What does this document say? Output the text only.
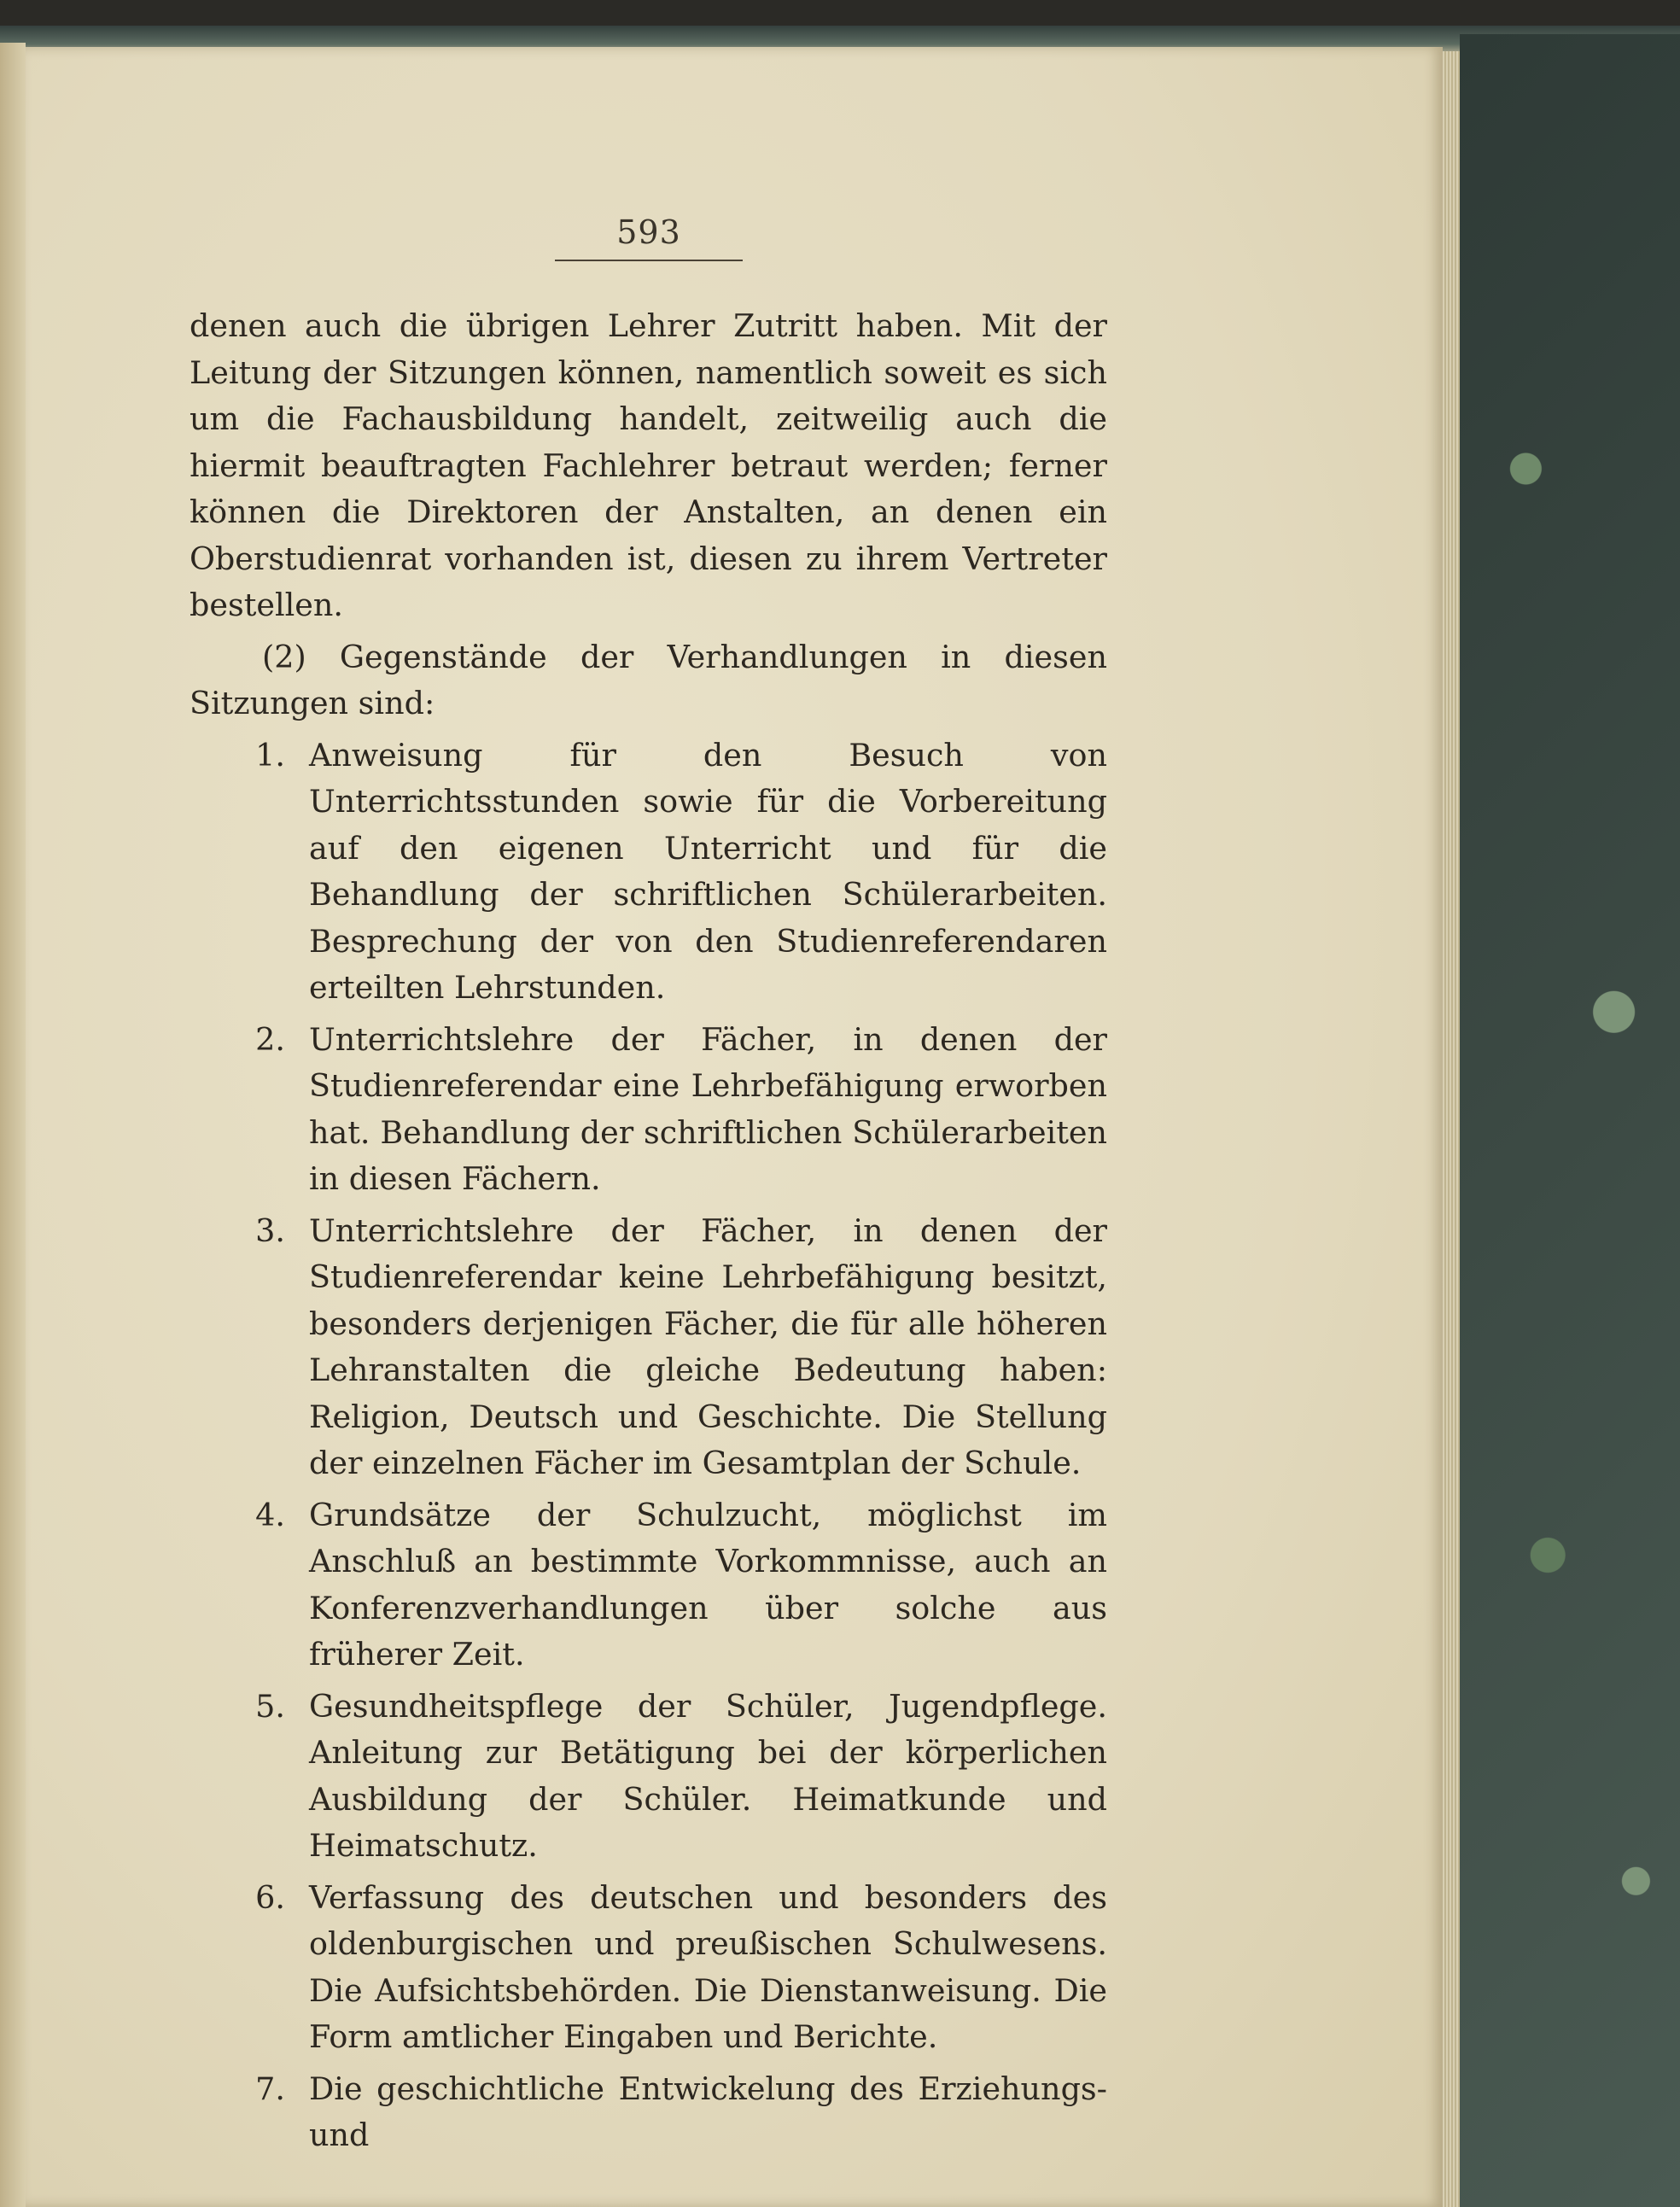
593

denen auch die übrigen Lehrer Zutritt haben. Mit der Leitung der Sitzungen können, namentlich soweit es sich um die Fachausbildung handelt, zeitweilig auch die hiermit beauftragten Fachlehrer betraut werden; ferner können die Direktoren der Anstalten, an denen ein Oberstudienrat vorhanden ist, diesen zu ihrem Vertreter bestellen.

(2) Gegenstände der Verhandlungen in diesen Sitzungen sind:

1. Anweisung für den Besuch von Unterrichtsstunden sowie für die Vorbereitung auf den eigenen Unterricht und für die Behandlung der schriftlichen Schülerarbeiten. Besprechung der von den Studienreferendaren erteilten Lehrstunden.
2. Unterrichtslehre der Fächer, in denen der Studienreferendar eine Lehrbefähigung erworben hat. Behandlung der schriftlichen Schülerarbeiten in diesen Fächern.
3. Unterrichtslehre der Fächer, in denen der Studienreferendar keine Lehrbefähigung besitzt, besonders derjenigen Fächer, die für alle höheren Lehranstalten die gleiche Bedeutung haben: Religion, Deutsch und Geschichte. Die Stellung der einzelnen Fächer im Gesamtplan der Schule.
4. Grundsätze der Schulzucht, möglichst im Anschluß an bestimmte Vorkommnisse, auch an Konferenzverhandlungen über solche aus früherer Zeit.
5. Gesundheitspflege der Schüler, Jugendpflege. Anleitung zur Betätigung bei der körperlichen Ausbildung der Schüler. Heimatkunde und Heimatschutz.
6. Verfassung des deutschen und besonders des oldenburgischen und preußischen Schulwesens. Die Aufsichtsbehörden. Die Dienstanweisung. Die Form amtlicher Eingaben und Berichte.
7. Die geschichtliche Entwickelung des Erziehungs- und
